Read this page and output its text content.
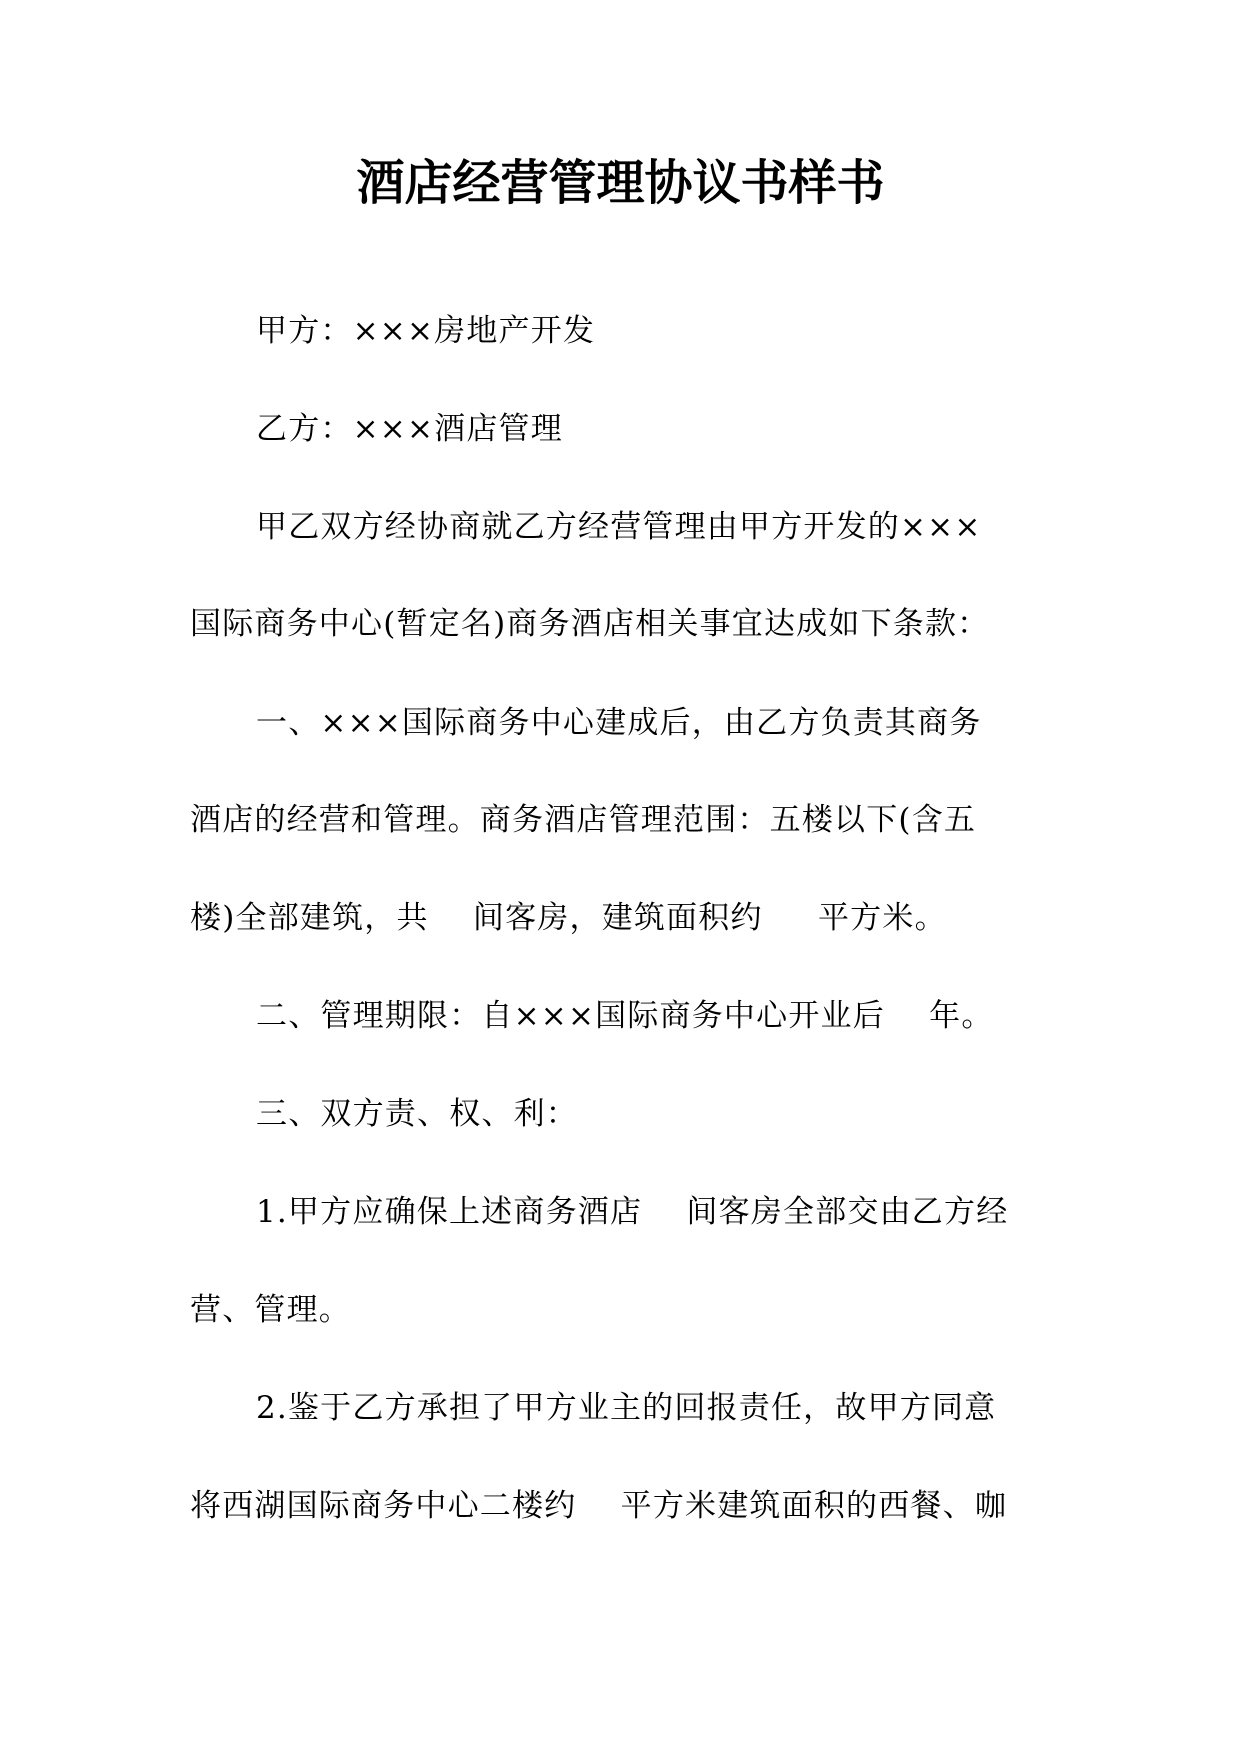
酒店经营管理协议书样书
甲方：×××房地产开发
乙方：×××酒店管理
甲乙双方经协商就乙方经营管理由甲方开发的×××
国际商务中心(暂定名)商务酒店相关事宜达成如下条款：
一、×××国际商务中心建成后，由乙方负责其商务
酒店的经营和管理。商务酒店管理范围：五楼以下(含五
楼)全部建筑，共    间客房，建筑面积约     平方米。
二、管理期限：自×××国际商务中心开业后    年。
三、双方责、权、利：
1.甲方应确保上述商务酒店    间客房全部交由乙方经
营、管理。
2.鉴于乙方承担了甲方业主的回报责任，故甲方同意
将西湖国际商务中心二楼约    平方米建筑面积的西餐、咖
